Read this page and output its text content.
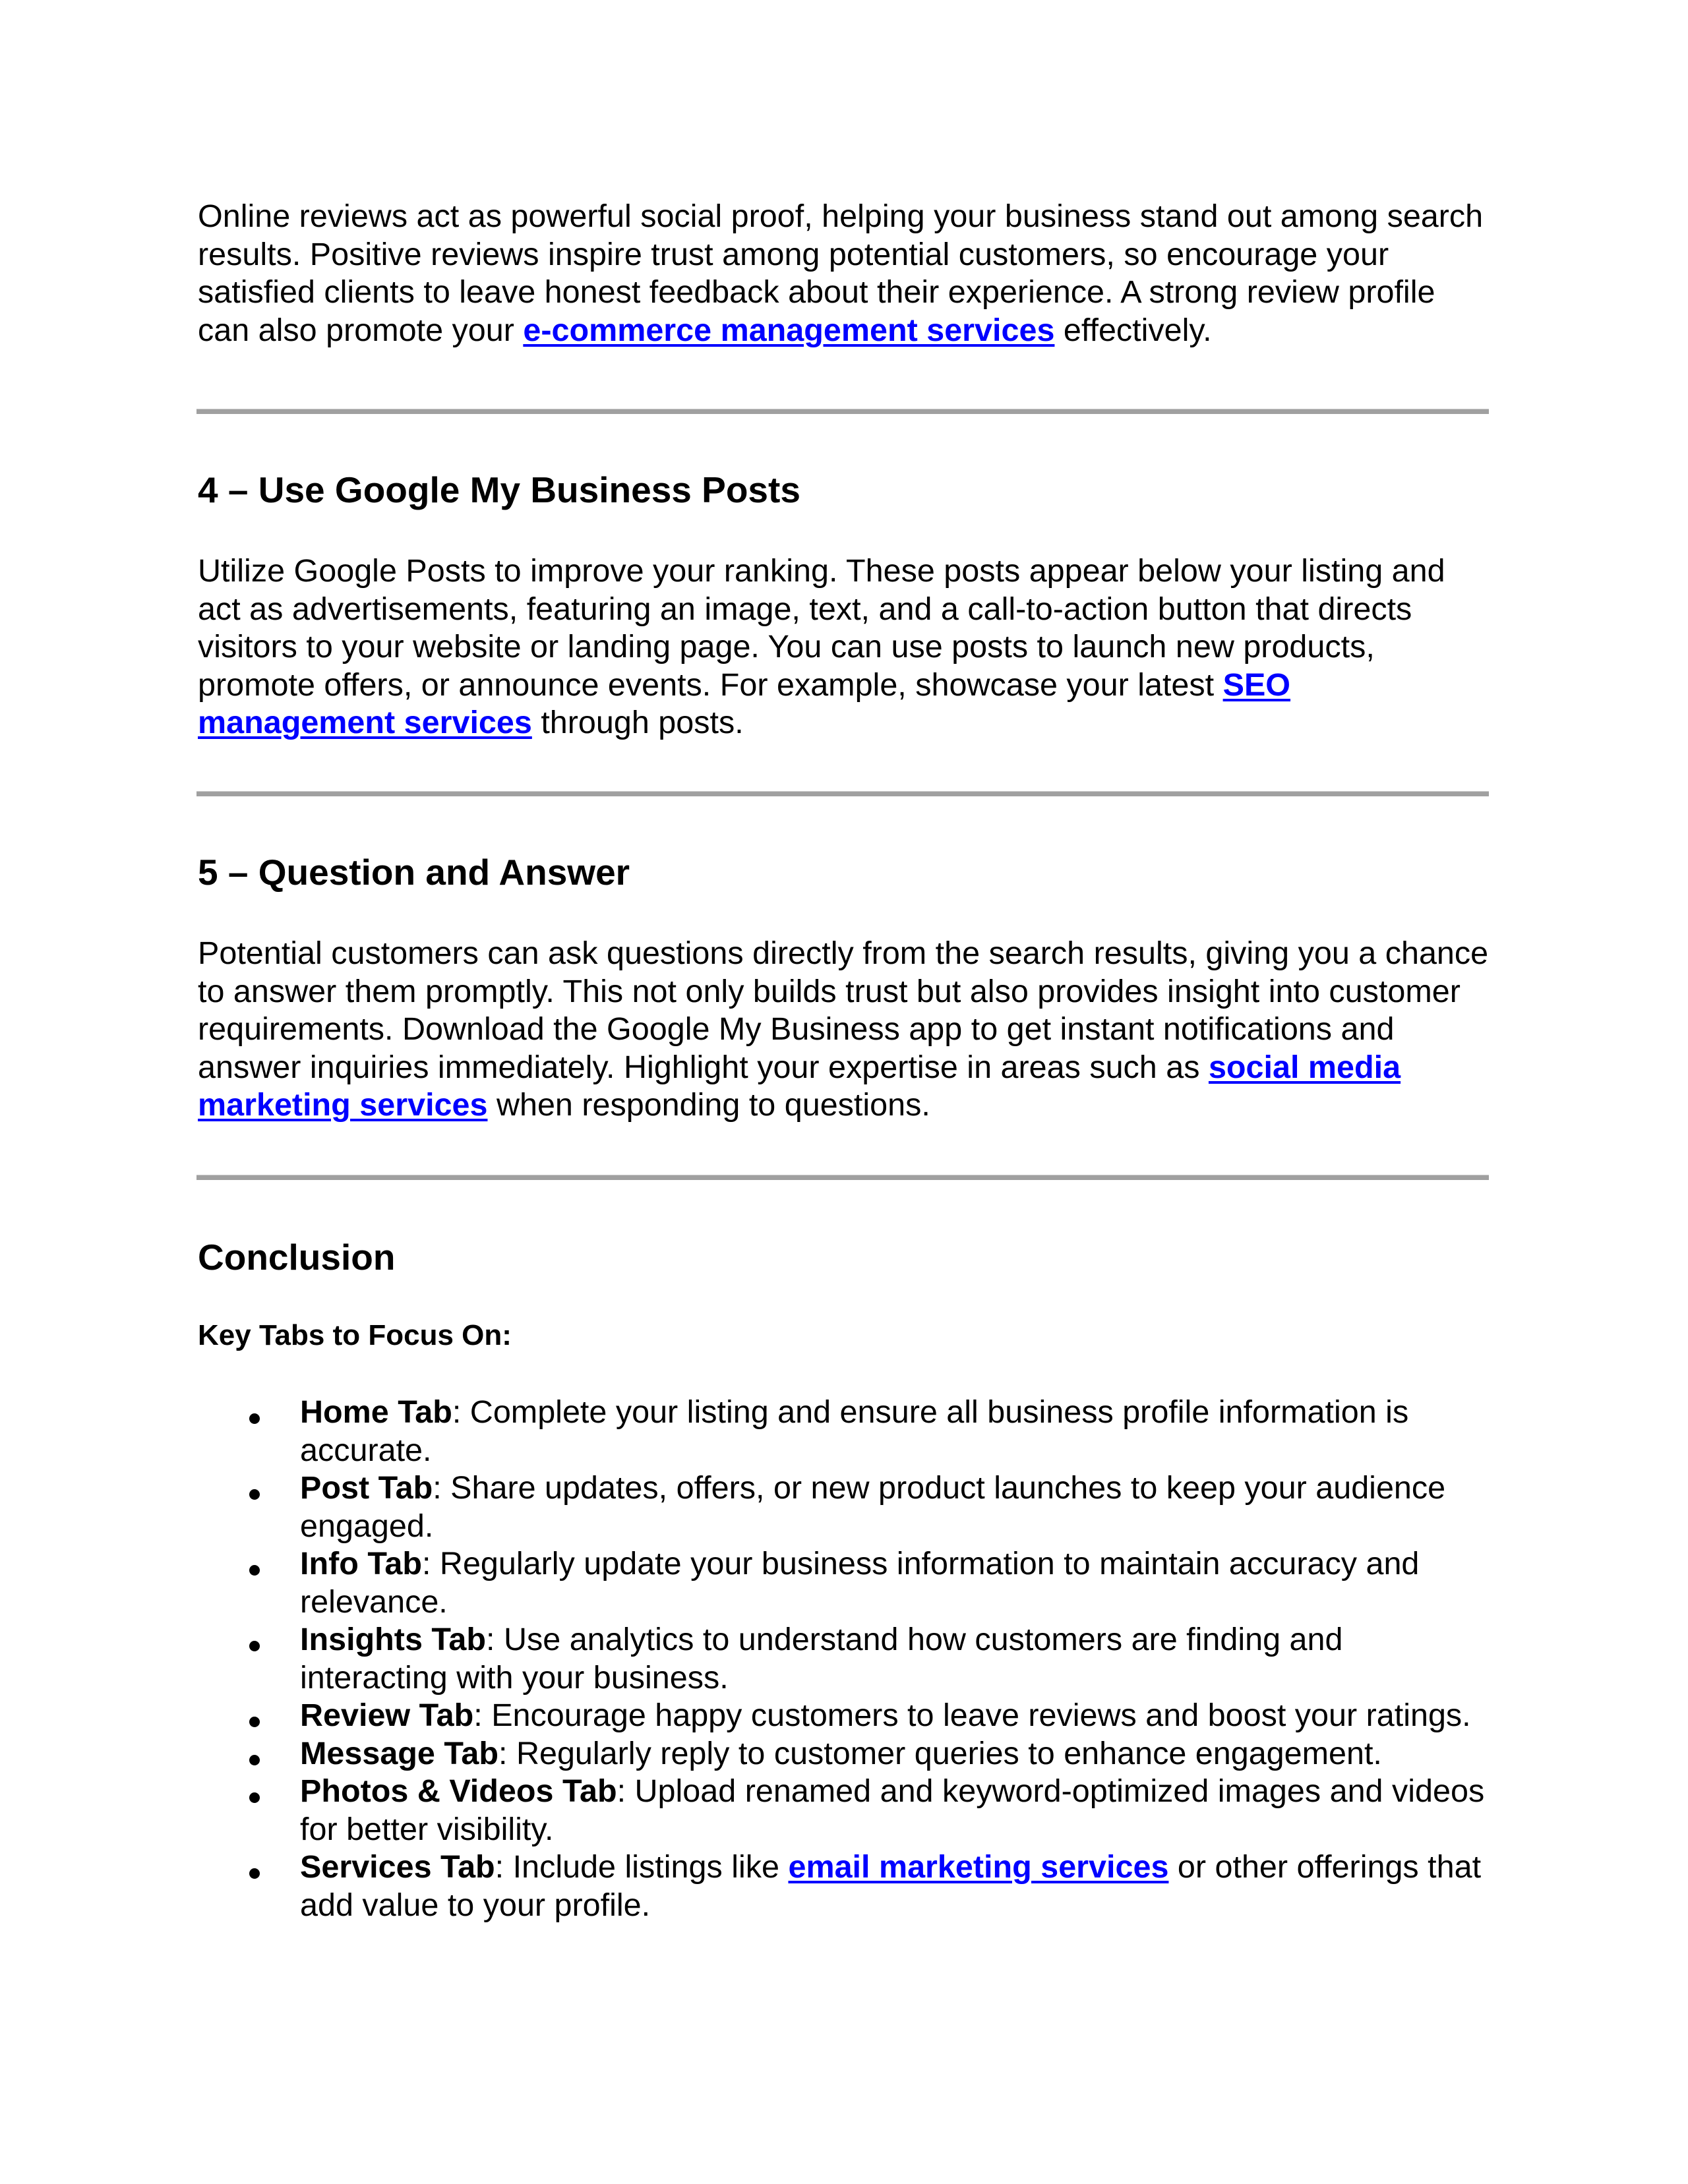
Online reviews act as powerful social proof, helping your business stand out among search results. Positive reviews inspire trust among potential customers, so encourage your satisfied clients to leave honest feedback about their experience. A strong review profile can also promote your e-commerce management services effectively.

4 – Use Google My Business Posts

Utilize Google Posts to improve your ranking. These posts appear below your listing and act as advertisements, featuring an image, text, and a call-to-action button that directs visitors to your website or landing page. You can use posts to launch new products, promote offers, or announce events. For example, showcase your latest SEO management services through posts.

5 – Question and Answer

Potential customers can ask questions directly from the search results, giving you a chance to answer them promptly. This not only builds trust but also provides insight into customer requirements. Download the Google My Business app to get instant notifications and answer inquiries immediately. Highlight your expertise in areas such as social media marketing services when responding to questions.

Conclusion
Key Tabs to Focus On:
Home Tab: Complete your listing and ensure all business profile information is accurate.
Post Tab: Share updates, offers, or new product launches to keep your audience engaged.
Info Tab: Regularly update your business information to maintain accuracy and relevance.
Insights Tab: Use analytics to understand how customers are finding and interacting with your business.
Review Tab: Encourage happy customers to leave reviews and boost your ratings.
Message Tab: Regularly reply to customer queries to enhance engagement.
Photos & Videos Tab: Upload renamed and keyword-optimized images and videos for better visibility.
Services Tab: Include listings like email marketing services or other offerings that add value to your profile.
